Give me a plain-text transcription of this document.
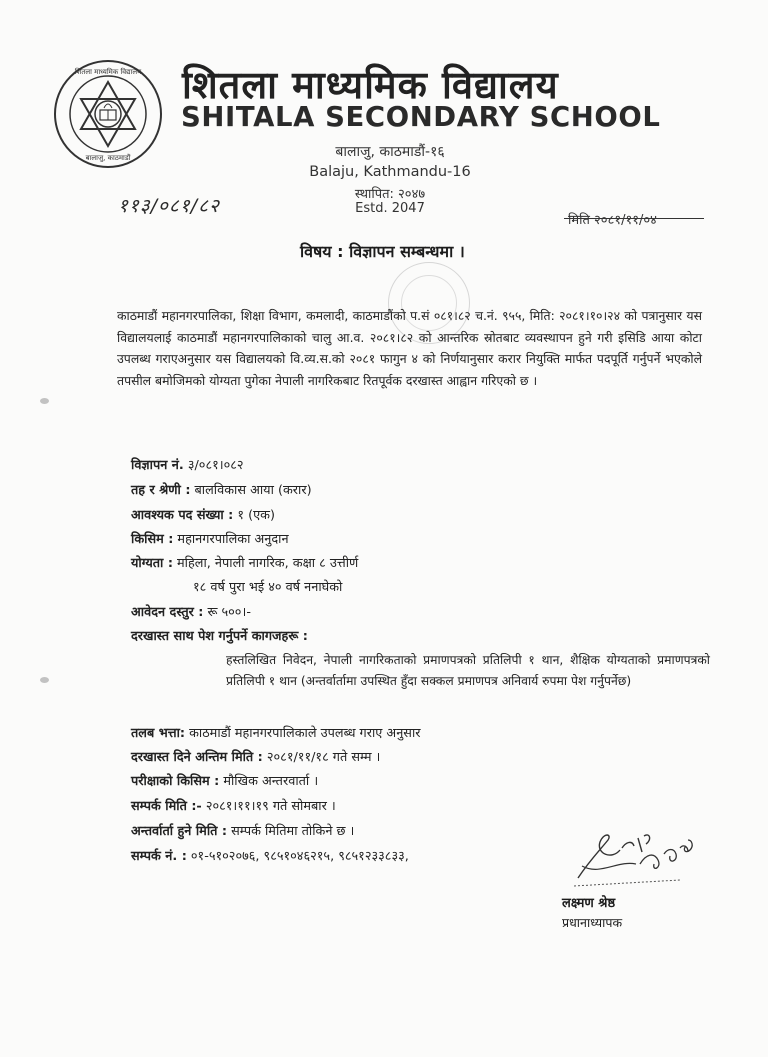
शितला माध्यमिक विद्यालय
बालाजु, काठमाडौं
शितला माध्यमिक विद्यालय
SHITALA SECONDARY SCHOOL
बालाजु, काठमाडौं-१६
Balaju, Kathmandu-16
स्थापित: २०४७
Estd. 2047
११३/०८१/८२
मिति २०८१/११/०४
विषय : विज्ञापन सम्बन्धमा ।
काठमाडौं महानगरपालिका, शिक्षा विभाग, कमलादी, काठमाडौंको प.सं ०८१।८२ च.नं. ९५५, मिति: २०८१।१०।२४ को पत्रानुसार यस विद्यालयलाई काठमाडौं महानगरपालिकाको चालु आ.व. २०८१।८२ को आन्तरिक स्रोतबाट व्यवस्थापन हुने गरी इसिडि आया कोटा उपलब्ध गराएअनुसार यस विद्यालयको वि.व्य.स.को २०८१ फागुन ४ को निर्णयानुसार करार नियुक्ति मार्फत पदपूर्ति गर्नुपर्ने भएकोले तपसील बमोजिमको योग्यता पुगेका नेपाली नागरिकबाट रितपूर्वक दरखास्त आह्वान गरिएको छ ।
विज्ञापन नं. ३/०८१।०८२
तह र श्रेणी : बालविकास आया (करार)
आवश्यक पद संख्या : १ (एक)
किसिम : महानगरपालिका अनुदान
योग्यता : महिला, नेपाली नागरिक, कक्षा ८ उत्तीर्ण
१८ वर्ष पुरा भई ४० वर्ष ननाघेको
आवेदन दस्तुर : रू ५००।-
दरखास्त साथ पेश गर्नुपर्ने कागजहरू :
तलब भत्ता: काठमाडौं महानगरपालिकाले उपलब्ध गराए अनुसार
दरखास्त दिने अन्तिम मिति : २०८१/११/१८ गते सम्म ।
परीक्षाको किसिम : मौखिक अन्तरवार्ता ।
सम्पर्क मिति :- २०८१।११।१९ गते सोमबार ।
अन्तर्वार्ता हुने मिति : सम्पर्क मितिमा तोकिने छ ।
सम्पर्क नं. : ०१-५१०२०७६, ९८५१०४६२१५, ९८५१२३३८३३,
हस्तलिखित निवेदन, नेपाली नागरिकताको प्रमाणपत्रको प्रतिलिपी १ थान, शैक्षिक योग्यताको प्रमाणपत्रको प्रतिलिपी १ थान (अन्तर्वार्तामा उपस्थित हुँदा सक्कल प्रमाणपत्र अनिवार्य रुपमा पेश गर्नुपर्नेछ)
लक्ष्मण श्रेष्ठ
प्रधानाध्यापक
